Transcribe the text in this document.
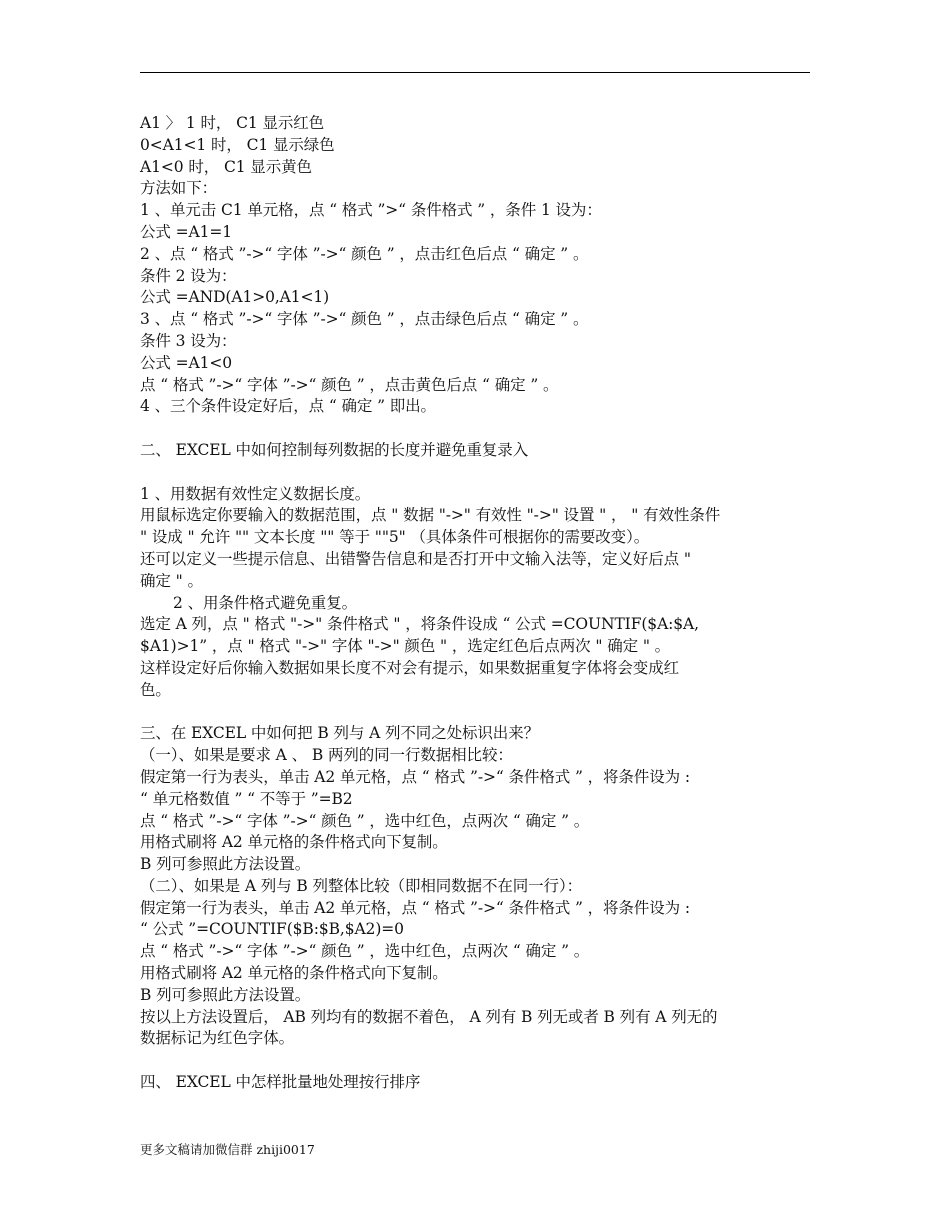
A1 〉 1 时， C1 显示红色
0<A1<1 时， C1 显示绿色
A1<0 时， C1 显示黄色
方法如下：
1 、单元击 C1 单元格，点 “ 格式 ”>“ 条件格式 ” ，条件 1 设为：
公式 =A1=1
2 、点 “ 格式 ”->“ 字体 ”->“ 颜色 ” ，点击红色后点 “ 确定 ” 。
条件 2 设为：
公式 =AND(A1>0,A1<1)
3 、点 “ 格式 ”->“ 字体 ”->“ 颜色 ” ，点击绿色后点 “ 确定 ” 。
条件 3 设为：
公式 =A1<0
点 “ 格式 ”->“ 字体 ”->“ 颜色 ” ，点击黄色后点 “ 确定 ” 。
4 、三个条件设定好后，点 “ 确定 ” 即出。
二、 EXCEL 中如何控制每列数据的长度并避免重复录入
1 、用数据有效性定义数据长度。
用鼠标选定你要输入的数据范围，点 " 数据 "->" 有效性 "->" 设置 " ， " 有效性条件
" 设成 " 允许 "" 文本长度 "" 等于 ""5" （具体条件可根据你的需要改变）。
还可以定义一些提示信息、出错警告信息和是否打开中文输入法等，定义好后点 "
确定 " 。
2 、用条件格式避免重复。
选定 A 列，点 " 格式 "->" 条件格式 " ，将条件设成 “ 公式 =COUNTIF($A:$A,
$A1)>1” ，点 " 格式 "->" 字体 "->" 颜色 " ，选定红色后点两次 " 确定 " 。
这样设定好后你输入数据如果长度不对会有提示，如果数据重复字体将会变成红
色。
三、在 EXCEL 中如何把 B 列与 A 列不同之处标识出来？
（一）、如果是要求 A 、 B 两列的同一行数据相比较：
假定第一行为表头，单击 A2 单元格，点 “ 格式 ”->“ 条件格式 ” ，将条件设为 :
“ 单元格数值 ” “ 不等于 ”=B2
点 “ 格式 ”->“ 字体 ”->“ 颜色 ” ，选中红色，点两次 “ 确定 ” 。
用格式刷将 A2 单元格的条件格式向下复制。
B 列可参照此方法设置。
（二）、如果是 A 列与 B 列整体比较（即相同数据不在同一行）：
假定第一行为表头，单击 A2 单元格，点 “ 格式 ”->“ 条件格式 ” ，将条件设为 :
“ 公式 ”=COUNTIF($B:$B,$A2)=0
点 “ 格式 ”->“ 字体 ”->“ 颜色 ” ，选中红色，点两次 “ 确定 ” 。
用格式刷将 A2 单元格的条件格式向下复制。
B 列可参照此方法设置。
按以上方法设置后， AB 列均有的数据不着色， A 列有 B 列无或者 B 列有 A 列无的
数据标记为红色字体。
四、 EXCEL 中怎样批量地处理按行排序
更多文稿请加微信群 zhiji0017
